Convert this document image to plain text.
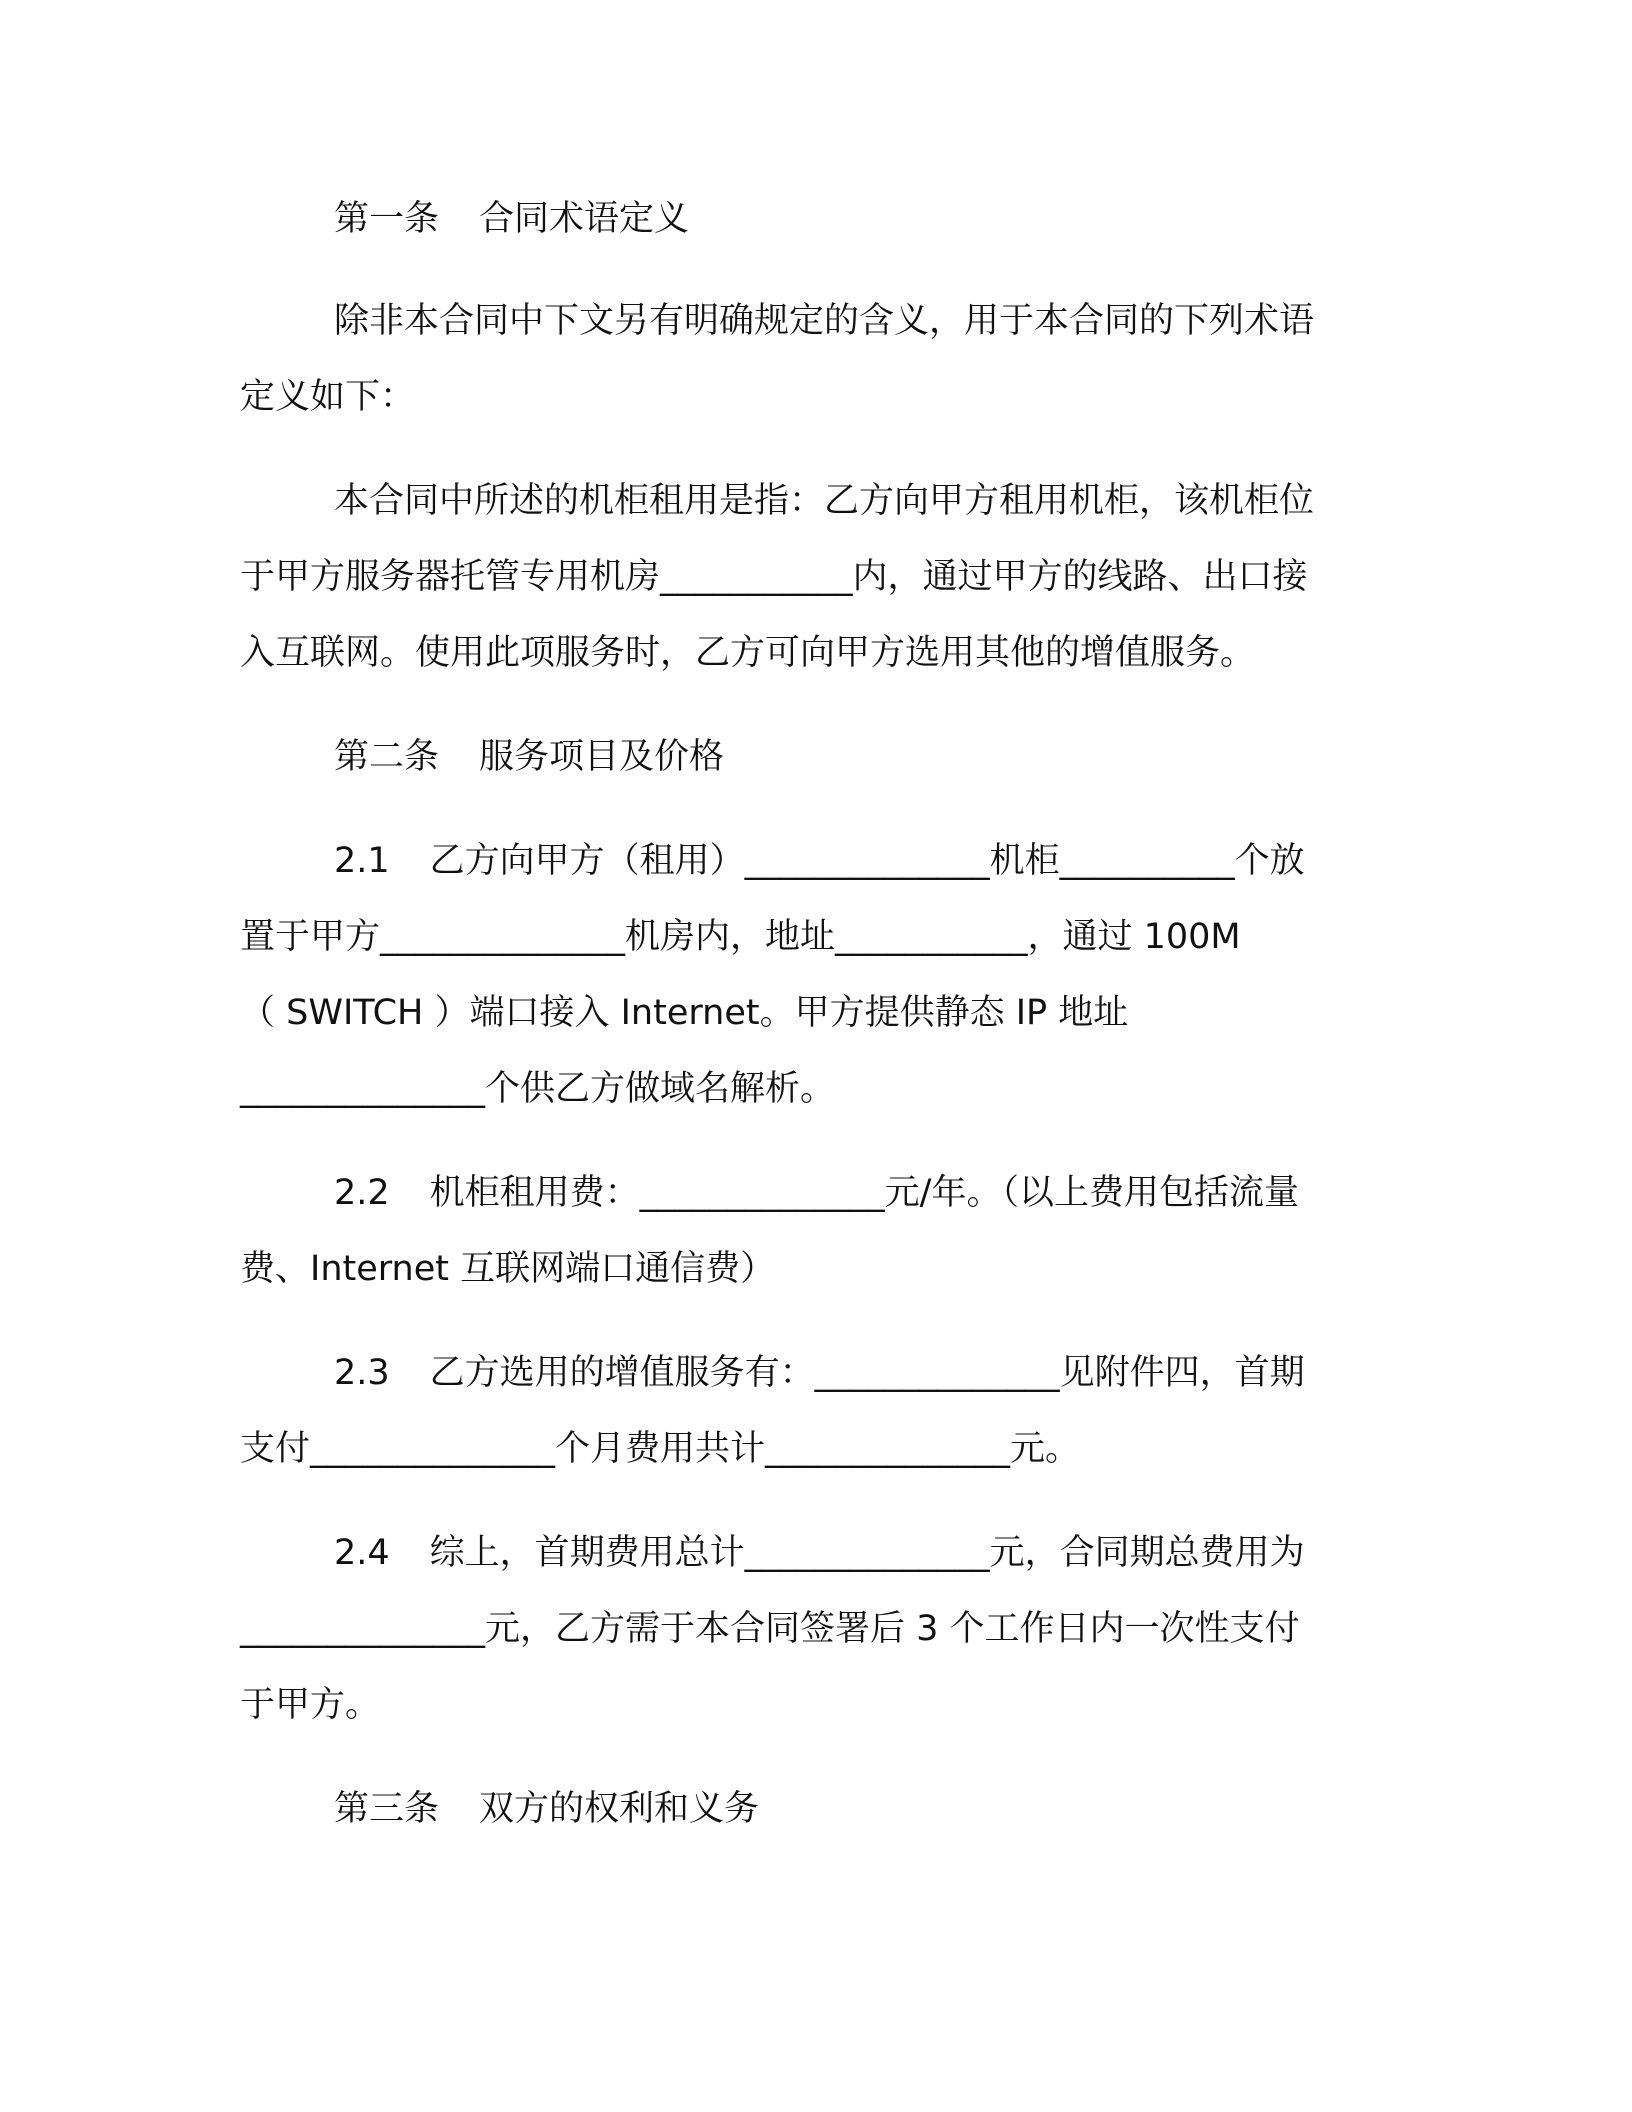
第一条 合同术语定义
除非本合同中下文另有明确规定的含义，用于本合同的下列术语
定义如下：
本合同中所述的机柜租用是指：乙方向甲方租用机柜，该机柜位
于甲方服务器托管专用机房___________内，通过甲方的线路、出口接
入互联网。使用此项服务时，乙方可向甲方选用其他的增值服务。
第二条 服务项目及价格
2.1 乙方向甲方（租用）______________机柜__________个放
置于甲方______________机房内，地址___________，通过 100M
（ SWITCH ）端口接入 Internet。甲方提供静态 IP 地址
______________个供乙方做域名解析。
2.2 机柜租用费：______________元/年。（以上费用包括流量
费、Internet 互联网端口通信费）
2.3 乙方选用的增值服务有：______________见附件四，首期
支付______________个月费用共计______________元。
2.4 综上，首期费用总计______________元，合同期总费用为
______________元，乙方需于本合同签署后 3 个工作日内一次性支付
于甲方。
第三条 双方的权利和义务
